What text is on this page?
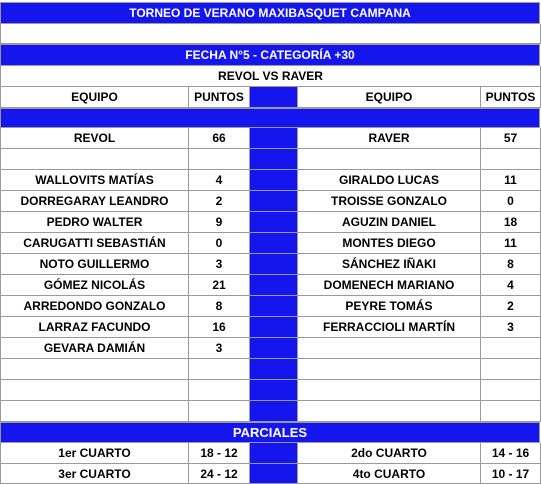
TORNEO DE VERANO MAXIBASQUET CAMPANA
FECHA N°5 - CATEGORÍA +30
REVOL VS RAVER
EQUIPO	PUNTOS	EQUIPO	PUNTOS
REVOL	66	RAVER	57
WALLOVITS MATÍAS	4	GIRALDO LUCAS	11
DORREGARAY LEANDRO	2	TROISSE GONZALO	0
PEDRO WALTER	9	AGUZIN DANIEL	18
CARUGATTI SEBASTIÁN	0	MONTES DIEGO	11
NOTO GUILLERMO	3	SÁNCHEZ IÑAKI	8
GÓMEZ NICOLÁS	21	DOMENECH MARIANO	4
ARREDONDO GONZALO	8	PEYRE TOMÁS	2
LARRAZ FACUNDO	16	FERRACCIOLI MARTÍN	3
GEVARA DAMIÁN	3
PARCIALES
1er CUARTO	18 - 12	2do CUARTO	14 - 16
3er CUARTO	24 - 12	4to CUARTO	10 - 17
